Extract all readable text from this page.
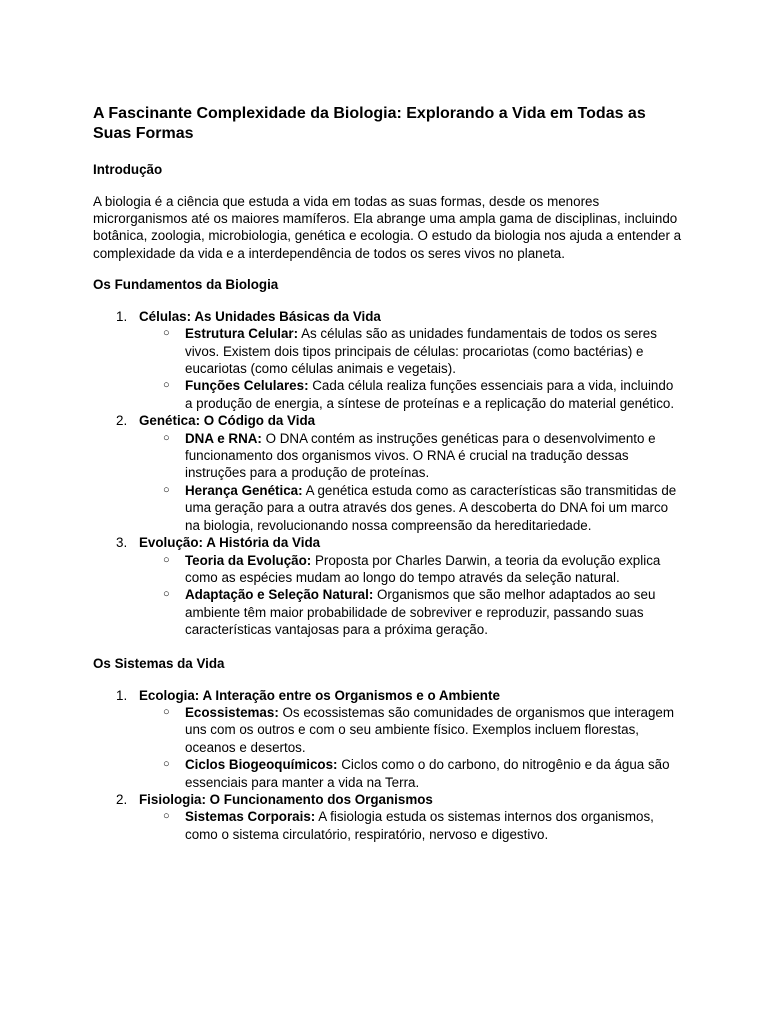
A Fascinante Complexidade da Biologia: Explorando a Vida em Todas as Suas Formas
Introdução

A biologia é a ciência que estuda a vida em todas as suas formas, desde os menores microrganismos até os maiores mamíferos. Ela abrange uma ampla gama de disciplinas, incluindo botânica, zoologia, microbiologia, genética e ecologia. O estudo da biologia nos ajuda a entender a complexidade da vida e a interdependência de todos os seres vivos no planeta.

Os Fundamentos da Biologia
1. Células: As Unidades Básicas da Vida
○ Estrutura Celular: As células são as unidades fundamentais de todos os seres vivos. Existem dois tipos principais de células: procariotas (como bactérias) e eucariotas (como células animais e vegetais).
○ Funções Celulares: Cada célula realiza funções essenciais para a vida, incluindo a produção de energia, a síntese de proteínas e a replicação do material genético.
2. Genética: O Código da Vida
○ DNA e RNA: O DNA contém as instruções genéticas para o desenvolvimento e funcionamento dos organismos vivos. O RNA é crucial na tradução dessas instruções para a produção de proteínas.
○ Herança Genética: A genética estuda como as características são transmitidas de uma geração para a outra através dos genes. A descoberta do DNA foi um marco na biologia, revolucionando nossa compreensão da hereditariedade.
3. Evolução: A História da Vida
○ Teoria da Evolução: Proposta por Charles Darwin, a teoria da evolução explica como as espécies mudam ao longo do tempo através da seleção natural.
○ Adaptação e Seleção Natural: Organismos que são melhor adaptados ao seu ambiente têm maior probabilidade de sobreviver e reproduzir, passando suas características vantajosas para a próxima geração.
Os Sistemas da Vida
1. Ecologia: A Interação entre os Organismos e o Ambiente
○ Ecossistemas: Os ecossistemas são comunidades de organismos que interagem uns com os outros e com o seu ambiente físico. Exemplos incluem florestas, oceanos e desertos.
○ Ciclos Biogeoquímicos: Ciclos como o do carbono, do nitrogênio e da água são essenciais para manter a vida na Terra.
2. Fisiologia: O Funcionamento dos Organismos
○ Sistemas Corporais: A fisiologia estuda os sistemas internos dos organismos, como o sistema circulatório, respiratório, nervoso e digestivo.
